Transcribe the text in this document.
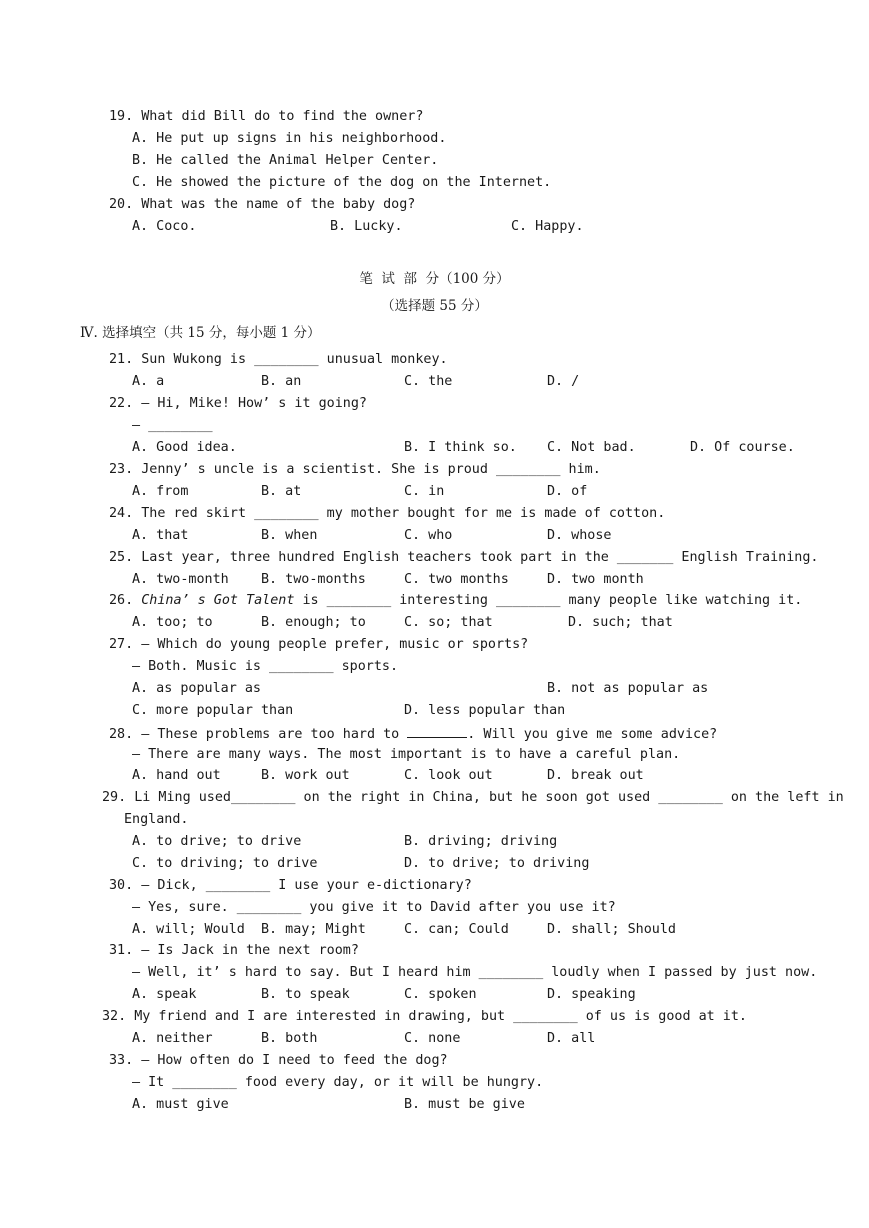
19. What did Bill do to find the owner?
A. He put up signs in his neighborhood.
B. He called the Animal Helper Center.
C. He showed the picture of the dog on the Internet.
20. What was the name of the baby dog?
A. Coco.	B. Lucky.	C. Happy.
笔  试  部  分（100 分）
（选择题 55 分）
Ⅳ. 选择填空（共 15 分，每小题 1 分）
21. Sun Wukong is ________ unusual monkey.
A. a	B. an	C. the	D. /
22. — Hi, Mike! How’ s it going?
— ________
A. Good idea.	B. I think so. C. Not bad.	D. Of course.
23. Jenny’ s uncle is a scientist. She is proud ________ him.
A. from	B. at	C. in	D. of
24. The red skirt ________ my mother bought for me is made of cotton.
A. that	B. when	C. who	D. whose
25. Last year, three hundred English teachers took part in the _______ English Training.
A. two-month B. two-months	C. two months	D. two month
26. China’ s Got Talent is ________ interesting ________ many people like watching it.
A. too; to	B. enough; to	C. so; that	D. such; that
27. — Which do young people prefer, music or sports?
— Both. Music is ________ sports.
A. as popular as	B. not as popular as
C. more popular than	D. less popular than
28. — These problems are too hard to	. Will you give me some advice?
— There are many ways. The most important is to have a careful plan.
A. hand out	B. work out	C. look out	D. break out
29. Li Ming used________ on the right in China, but he soon got used ________ on the left in
England.
A. to drive; to drive	B. driving; driving
C. to driving; to drive	D. to drive; to driving
30. — Dick, ________ I use your e-dictionary?
— Yes, sure. ________ you give it to David after you use it?
A. will; Would B. may; Might	C. can; Could	D. shall; Should
31. — Is Jack in the next room?
— Well, it’ s hard to say. But I heard him ________ loudly when I passed by just now.
A. speak	B. to speak	C. spoken	D. speaking
32. My friend and I are interested in drawing, but ________ of us is good at it.
A. neither	B. both	C. none	D. all
33. — How often do I need to feed the dog?
— It ________ food every day, or it will be hungry.
A. must give	B. must be give
